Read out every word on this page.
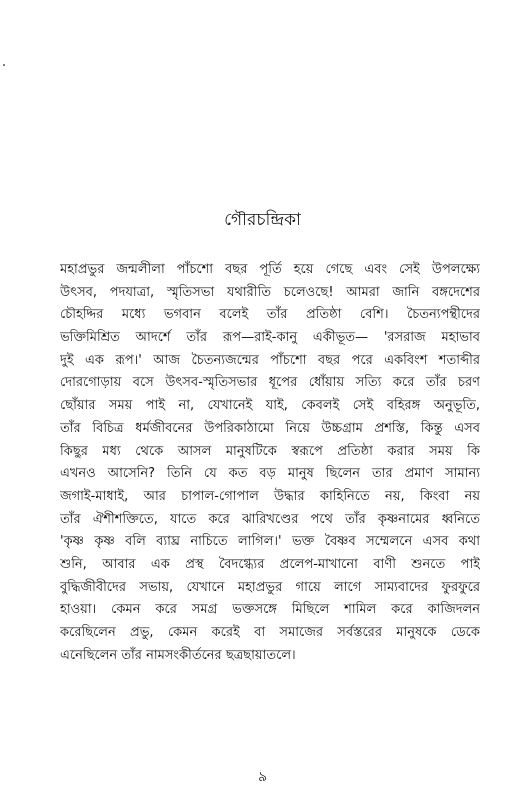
গৌরচন্দ্রিকা
মহাপ্রভুর জন্মলীলা পাঁচশো বছর পূর্তি হয়ে গেছে এবং সেই উপলক্ষ্যে
উৎসব, পদযাত্রা, স্মৃতিসভা যথারীতি চলেওছে! আমরা জানি বঙ্গদেশের
চৌহদ্দির মধ্যে ভগবান বলেই তাঁর প্রতিষ্ঠা বেশি। চৈতন্যপন্থীদের
ভক্তিমিশ্রিত আদর্শে তাঁর রূপ—রাই-কানু একীভূত— 'রসরাজ মহাভাব
দুই এক রূপ।' আজ চৈতন্যজন্মের পাঁচশো বছর পরে একবিংশ শতাব্দীর
দোরগোড়ায় বসে উৎসব-স্মৃতিসভার ধূপের ধোঁয়ায় সত্যি করে তাঁর চরণ
ছোঁয়ার সময় পাই না, যেখানেই যাই, কেবলই সেই বহিরঙ্গ অনুভূতি,
তাঁর বিচিত্র ধর্মজীবনের উপরিকাঠামো নিয়ে উচ্চগ্রাম প্রশস্তি, কিন্তু এসব
কিছুর মধ্য থেকে আসল মানুষটিকে স্বরূপে প্রতিষ্ঠা করার সময় কি
এখনও আসেনি? তিনি যে কত বড় মানুষ ছিলেন তার প্রমাণ সামান্য
জগাই-মাধাই, আর চাপাল-গোপাল উদ্ধার কাহিনিতে নয়, কিংবা নয়
তাঁর ঐশীশক্তিতে, যাতে করে ঝারিখণ্ডের পথে তাঁর কৃষ্ণনামের ধ্বনিতে
'কৃষ্ণ কৃষ্ণ বলি ব্যাঘ্র নাচিতে লাগিল।' ভক্ত বৈষ্ণব সম্মেলনে এসব কথা
শুনি, আবার এক প্রস্থ বৈদগ্ধ্যের প্রলেপ-মাখানো বাণী শুনতে পাই
বুদ্ধিজীবীদের সভায়, যেখানে মহাপ্রভুর গায়ে লাগে সাম্যবাদের ফুরফুরে
হাওয়া। কেমন করে সমগ্র ভক্তসঙ্গে মিছিলে শামিল করে কাজিদলন
করেছিলেন প্রভু, কেমন করেই বা সমাজের সর্বস্তরের মানুষকে ডেকে
এনেছিলেন তাঁর নামসংকীর্তনের ছত্রছায়াতলে।
৯
